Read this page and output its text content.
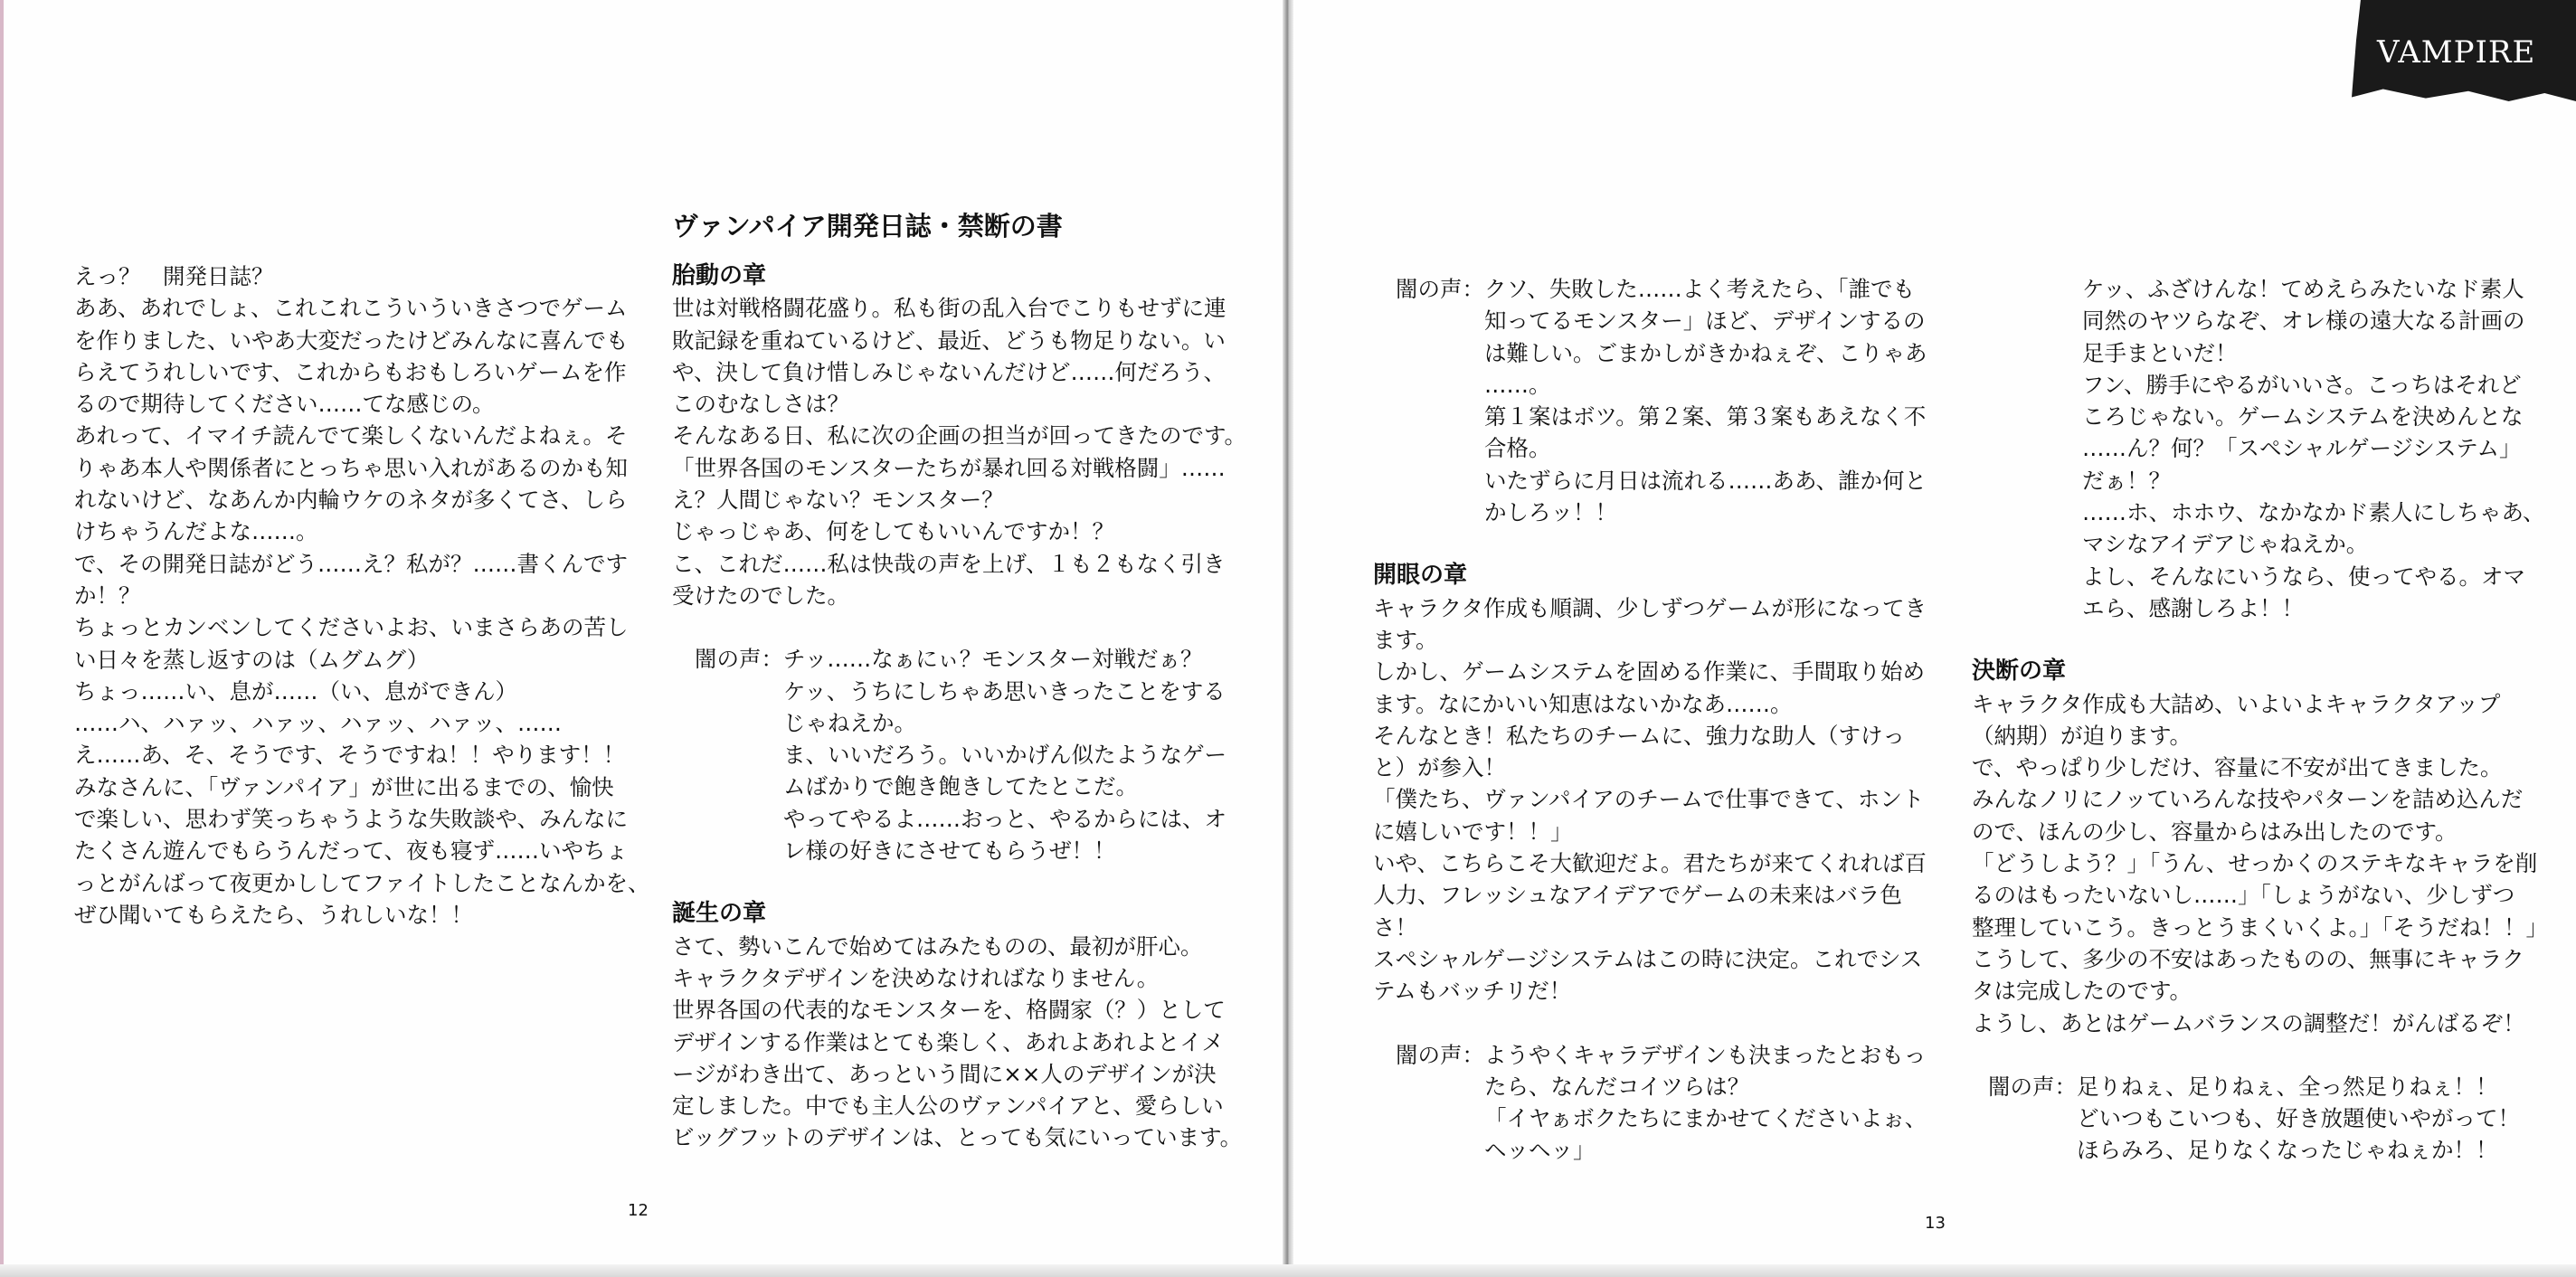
VAMPIRE

えっ？　開発日誌？

ああ、あれでしょ、これこれこういういきさつでゲーム

を作りました、いやあ大変だったけどみんなに喜んでも

らえてうれしいです、これからもおもしろいゲームを作

るので期待してください……てな感じの。

あれって、イマイチ読んでて楽しくないんだよねぇ。そ

りゃあ本人や関係者にとっちゃ思い入れがあるのかも知

れないけど、なあんか内輪ウケのネタが多くてさ、しら

けちゃうんだよな……。

で、その開発日誌がどう……え？私が？……書くんです

か！？

ちょっとカンベンしてくださいよお、いまさらあの苦し

い日々を蒸し返すのは（ムグムグ）

ちょっ……い、息が……（い、息ができん）

……ハ、ハァッ、ハァッ、ハァッ、ハァッ、……

え……あ、そ、そうです、そうですね！！やります！！

みなさんに、「ヴァンパイア」が世に出るまでの、愉快

で楽しい、思わず笑っちゃうような失敗談や、みんなに

たくさん遊んでもらうんだって、夜も寝ず……いやちょ

っとがんばって夜更かししてファイトしたことなんかを、

ぜひ聞いてもらえたら、うれしいな！！

ヴァンパイア開発日誌・禁断の書

胎動の章

世は対戦格闘花盛り。私も街の乱入台でこりもせずに連

敗記録を重ねているけど、最近、どうも物足りない。い

や、決して負け惜しみじゃないんだけど……何だろう、

このむなしさは？

そんなある日、私に次の企画の担当が回ってきたのです。

「世界各国のモンスターたちが暴れ回る対戦格闘」……

え？人間じゃない？モンスター？

じゃっじゃあ、何をしてもいいんですか！？

こ、これだ……私は快哉の声を上げ、１も２もなく引き

受けたのでした。

闇の声： チッ……なぁにぃ？モンスター対戦だぁ？

ケッ、うちにしちゃあ思いきったことをする

じゃねえか。

ま、いいだろう。いいかげん似たようなゲー

ムばかりで飽き飽きしてたとこだ。

やってやるよ……おっと、やるからには、オ

レ様の好きにさせてもらうぜ！！

誕生の章

さて、勢いこんで始めてはみたものの、最初が肝心。

キャラクタデザインを決めなければなりません。

世界各国の代表的なモンスターを、格闘家（？）として

デザインする作業はとても楽しく、あれよあれよとイメ

ージがわき出て、あっという間に××人のデザインが決

定しました。中でも主人公のヴァンパイアと、愛らしい

ビッグフットのデザインは、とっても気にいっています。

12
闇の声： クソ、失敗した……よく考えたら、「誰でも

知ってるモンスター」ほど、デザインするの

は難しい。ごまかしがきかねぇぞ、こりゃあ

……。

第１案はボツ。第２案、第３案もあえなく不

合格。

いたずらに月日は流れる……ああ、誰か何と

かしろッ！！

開眼の章

キャラクタ作成も順調、少しずつゲームが形になってき

ます。

しかし、ゲームシステムを固める作業に、手間取り始め

ます。なにかいい知恵はないかなあ……。

そんなとき！私たちのチームに、強力な助人（すけっ

と）が参入！

「僕たち、ヴァンパイアのチームで仕事できて、ホント

に嬉しいです！！」

いや、こちらこそ大歓迎だよ。君たちが来てくれれば百

人力、フレッシュなアイデアでゲームの未来はバラ色

さ！

スペシャルゲージシステムはこの時に決定。これでシス

テムもバッチリだ！

闇の声： ようやくキャラデザインも決まったとおもっ

たら、なんだコイツらは？

「イヤぁボクたちにまかせてくださいよぉ、

ヘッヘッ」

ケッ、ふざけんな！てめえらみたいなド素人

同然のヤツらなぞ、オレ様の遠大なる計画の

足手まといだ！

フン、勝手にやるがいいさ。こっちはそれど

ころじゃない。ゲームシステムを決めんとな

……ん？何？「スペシャルゲージシステム」

だぁ！？

……ホ、ホホウ、なかなかド素人にしちゃあ、

マシなアイデアじゃねえか。

よし、そんなにいうなら、使ってやる。オマ

エら、感謝しろよ！！

決断の章

キャラクタ作成も大詰め、いよいよキャラクタアップ

（納期）が迫ります。

で、やっぱり少しだけ、容量に不安が出てきました。

みんなノリにノッていろんな技やパターンを詰め込んだ

ので、ほんの少し、容量からはみ出したのです。

「どうしよう？」「うん、せっかくのステキなキャラを削

るのはもったいないし……」「しょうがない、少しずつ

整理していこう。きっとうまくいくよ。」「そうだね！！」

こうして、多少の不安はあったものの、無事にキャラク

タは完成したのです。

ようし、あとはゲームバランスの調整だ！がんばるぞ！

闇の声： 足りねぇ、足りねぇ、全っ然足りねぇ！！

どいつもこいつも、好き放題使いやがって！

ほらみろ、足りなくなったじゃねぇか！！

13
